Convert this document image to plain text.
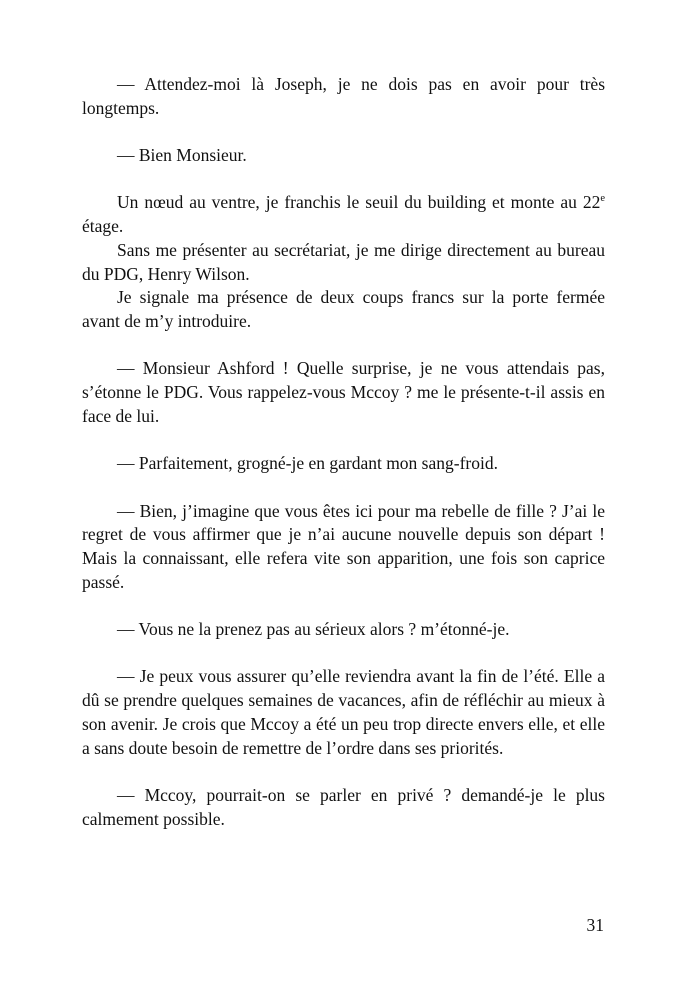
— Attendez-moi là Joseph, je ne dois pas en avoir pour très longtemps.

— Bien Monsieur.

Un nœud au ventre, je franchis le seuil du building et monte au 22e étage.

Sans me présenter au secrétariat, je me dirige directement au bureau du PDG, Henry Wilson.

Je signale ma présence de deux coups francs sur la porte fermée avant de m’y introduire.

— Monsieur Ashford ! Quelle surprise, je ne vous attendais pas, s’étonne le PDG. Vous rappelez-vous Mccoy ? me le présente-t-il assis en face de lui.

— Parfaitement, grogné-je en gardant mon sang-froid.

— Bien, j’imagine que vous êtes ici pour ma rebelle de fille ? J’ai le regret de vous affirmer que je n’ai aucune nouvelle depuis son départ ! Mais la connaissant, elle refera vite son apparition, une fois son caprice passé.

— Vous ne la prenez pas au sérieux alors ? m’étonné-je.

— Je peux vous assurer qu’elle reviendra avant la fin de l’été. Elle a dû se prendre quelques semaines de vacances, afin de réfléchir au mieux à son avenir. Je crois que Mccoy a été un peu trop directe envers elle, et elle a sans doute besoin de remettre de l’ordre dans ses priorités.

— Mccoy, pourrait-on se parler en privé ? demandé-je le plus calmement possible.

31
